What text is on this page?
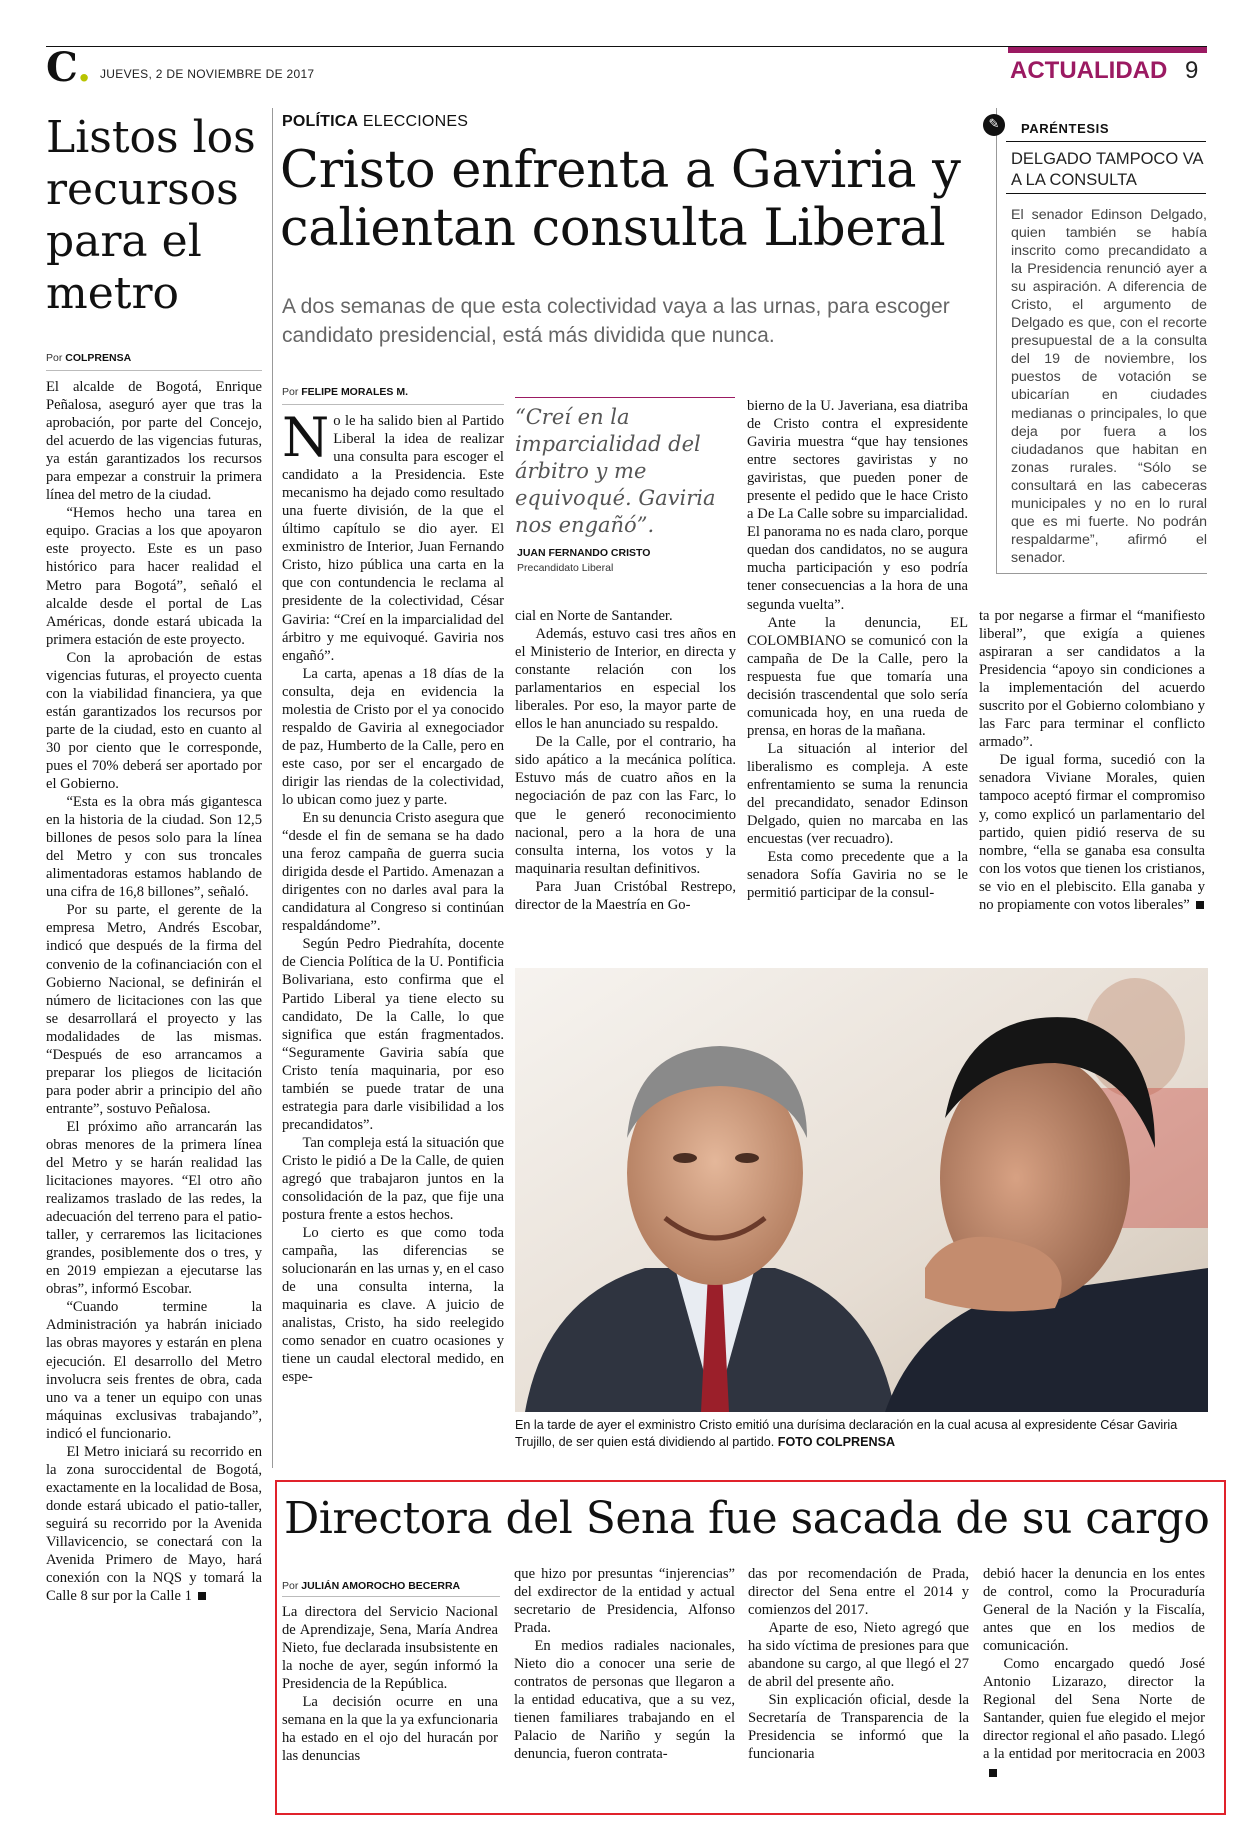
C. JUEVES, 2 DE NOVIEMBRE DE 2017	ACTUALIDAD 9
Listos los recursos para el metro
Por COLPRENSA

El alcalde de Bogotá, Enrique Peñalosa, aseguró ayer que tras la aprobación, por parte del Concejo, del acuerdo de las vigencias futuras, ya están garantizados los recursos para empezar a construir la primera línea del metro de la ciudad.

“Hemos hecho una tarea en equipo. Gracias a los que apoyaron este proyecto. Este es un paso histórico para hacer realidad el Metro para Bogotá”, señaló el alcalde desde el portal de Las Américas, donde estará ubicada la primera estación de este proyecto.

Con la aprobación de estas vigencias futuras, el proyecto cuenta con la viabilidad financiera, ya que están garantizados los recursos por parte de la ciudad, esto en cuanto al 30 por ciento que le corresponde, pues el 70% deberá ser aportado por el Gobierno.

“Esta es la obra más gigantesca en la historia de la ciudad. Son 12,5 billones de pesos solo para la línea del Metro y con sus troncales alimentadoras estamos hablando de una cifra de 16,8 billones”, señaló.

Por su parte, el gerente de la empresa Metro, Andrés Escobar, indicó que después de la firma del convenio de la cofinanciación con el Gobierno Nacional, se definirán el número de licitaciones con las que se desarrollará el proyecto y las modalidades de las mismas. “Después de eso arrancamos a preparar los pliegos de licitación para poder abrir a principio del año entrante”, sostuvo Peñalosa.

El próximo año arrancarán las obras menores de la primera línea del Metro y se harán realidad las licitaciones mayores. “El otro año realizamos traslado de las redes, la adecuación del terreno para el patio-taller, y cerraremos las licitaciones grandes, posiblemente dos o tres, y en 2019 empiezan a ejecutarse las obras”, informó Escobar.

“Cuando termine la Administración ya habrán iniciado las obras mayores y estarán en plena ejecución. El desarrollo del Metro involucra seis frentes de obra, cada uno va a tener un equipo con unas máquinas exclusivas trabajando”, indicó el funcionario.

El Metro iniciará su recorrido en la zona suroccidental de Bogotá, exactamente en la localidad de Bosa, donde estará ubicado el patio-taller, seguirá su recorrido por la Avenida Villavicencio, se conectará con la Avenida Primero de Mayo, hará conexión con la NQS y tomará la Calle 8 sur por la Calle 1

POLÍTICA ELECCIONES
Cristo enfrenta a Gaviria y calientan consulta Liberal
A dos semanas de que esta colectividad vaya a las urnas, para escoger candidato presidencial, está más dividida que nunca.
Por FELIPE MORALES M.

No le ha salido bien al Partido Liberal la idea de realizar una consulta para escoger el candidato a la Presidencia. Este mecanismo ha dejado como resultado una fuerte división, de la que el último capítulo se dio ayer. El exministro de Interior, Juan Fernando Cristo, hizo pública una carta en la que con contundencia le reclama al presidente de la colectividad, César Gaviria: “Creí en la imparcialidad del árbitro y me equivoqué. Gaviria nos engañó”.

La carta, apenas a 18 días de la consulta, deja en evidencia la molestia de Cristo por el ya conocido respaldo de Gaviria al exnegociador de paz, Humberto de la Calle, pero en este caso, por ser el encargado de dirigir las riendas de la colectividad, lo ubican como juez y parte.

En su denuncia Cristo asegura que “desde el fin de semana se ha dado una feroz campaña de guerra sucia dirigida desde el Partido. Amenazan a dirigentes con no darles aval para la candidatura al Congreso si continúan respaldándome”.

Según Pedro Piedrahíta, docente de Ciencia Política de la U. Pontificia Bolivariana, esto confirma que el Partido Liberal ya tiene electo su candidato, De la Calle, lo que significa que están fragmentados. “Seguramente Gaviria sabía que Cristo tenía maquinaria, por eso también se puede tratar de una estrategia para darle visibilidad a los precandidatos”.

Tan compleja está la situación que Cristo le pidió a De la Calle, de quien agregó que trabajaron juntos en la consolidación de la paz, que fije una postura frente a estos hechos.

Lo cierto es que como toda campaña, las diferencias se solucionarán en las urnas y, en el caso de una consulta interna, la maquinaria es clave. A juicio de analistas, Cristo, ha sido reelegido como senador en cuatro ocasiones y tiene un caudal electoral medido, en espe-

“Creí en la imparcialidad del árbitro y me equivoqué. Gaviria nos engañó”.
JUAN FERNANDO CRISTO
Precandidato Liberal

cial en Norte de Santander.

Además, estuvo casi tres años en el Ministerio de Interior, en directa y constante relación con los parlamentarios en especial los liberales. Por eso, la mayor parte de ellos le han anunciado su respaldo.

De la Calle, por el contrario, ha sido apático a la mecánica política. Estuvo más de cuatro años en la negociación de paz con las Farc, lo que le generó reconocimiento nacional, pero a la hora de una consulta interna, los votos y la maquinaria resultan definitivos.

Para Juan Cristóbal Restrepo, director de la Maestría en Go-

bierno de la U. Javeriana, esa diatriba de Cristo contra el expresidente Gaviria muestra “que hay tensiones entre sectores gaviristas y no gaviristas, que pueden poner de presente el pedido que le hace Cristo a De La Calle sobre su imparcialidad. El panorama no es nada claro, porque quedan dos candidatos, no se augura mucha participación y eso podría tener consecuencias a la hora de una segunda vuelta”.

Ante la denuncia, EL COLOMBIANO se comunicó con la campaña de De la Calle, pero la respuesta fue que tomaría una decisión trascendental que solo sería comunicada hoy, en una rueda de prensa, en horas de la mañana.

La situación al interior del liberalismo es compleja. A este enfrentamiento se suma la renuncia del precandidato, senador Edinson Delgado, quien no marcaba en las encuestas (ver recuadro).

Esta como precedente que a la senadora Sofía Gaviria no se le permitió participar de la consul-

ta por negarse a firmar el “manifiesto liberal”, que exigía a quienes aspiraran a ser candidatos a la Presidencia “apoyo sin condiciones a la implementación del acuerdo suscrito por el Gobierno colombiano y las Farc para terminar el conflicto armado”.

De igual forma, sucedió con la senadora Viviane Morales, quien tampoco aceptó firmar el compromiso y, como explicó un parlamentario del partido, quien pidió reserva de su nombre, “ella se ganaba esa consulta con los votos que tienen los cristianos, se vio en el plebiscito. Ella ganaba y no propiamente con votos liberales”

✎	PARÉNTESIS
DELGADO TAMPOCO VA A LA CONSULTA
El senador Edinson Delgado, quien también se había inscrito como precandidato a la Presidencia renunció ayer a su aspiración. A diferencia de Cristo, el argumento de Delgado es que, con el recorte presupuestal de a la consulta del 19 de noviembre, los puestos de votación se ubicarían en ciudades medianas o principales, lo que deja por fuera a los ciudadanos que habitan en zonas rurales. “Sólo se consultará en las cabeceras municipales y no en lo rural que es mi fuerte. No podrán respaldarme”, afirmó el senador.
En la tarde de ayer el exministro Cristo emitió una durísima declaración en la cual acusa al expresidente César Gaviria Trujillo, de ser quien está dividiendo al partido. FOTO COLPRENSA
Directora del Sena fue sacada de su cargo
Por JULIÁN AMOROCHO BECERRA

La directora del Servicio Nacional de Aprendizaje, Sena, María Andrea Nieto, fue declarada insubsistente en la noche de ayer, según informó la Presidencia de la República.

La decisión ocurre en una semana en la que la ya exfuncionaria ha estado en el ojo del huracán por las denuncias

que hizo por presuntas “injerencias” del exdirector de la entidad y actual secretario de Presidencia, Alfonso Prada.

En medios radiales nacionales, Nieto dio a conocer una serie de contratos de personas que llegaron a la entidad educativa, que a su vez, tienen familiares trabajando en el Palacio de Nariño y según la denuncia, fueron contrata-

das por recomendación de Prada, director del Sena entre el 2014 y comienzos del 2017.

Aparte de eso, Nieto agregó que ha sido víctima de presiones para que abandone su cargo, al que llegó el 27 de abril del presente año.

Sin explicación oficial, desde la Secretaría de Transparencia de la Presidencia se informó que la funcionaria

debió hacer la denuncia en los entes de control, como la Procuraduría General de la Nación y la Fiscalía, antes que en los medios de comunicación.

Como encargado quedó José Antonio Lizarazo, director la Regional del Sena Norte de Santander, quien fue elegido el mejor director regional el año pasado. Llegó a la entidad por meritocracia en 2003
